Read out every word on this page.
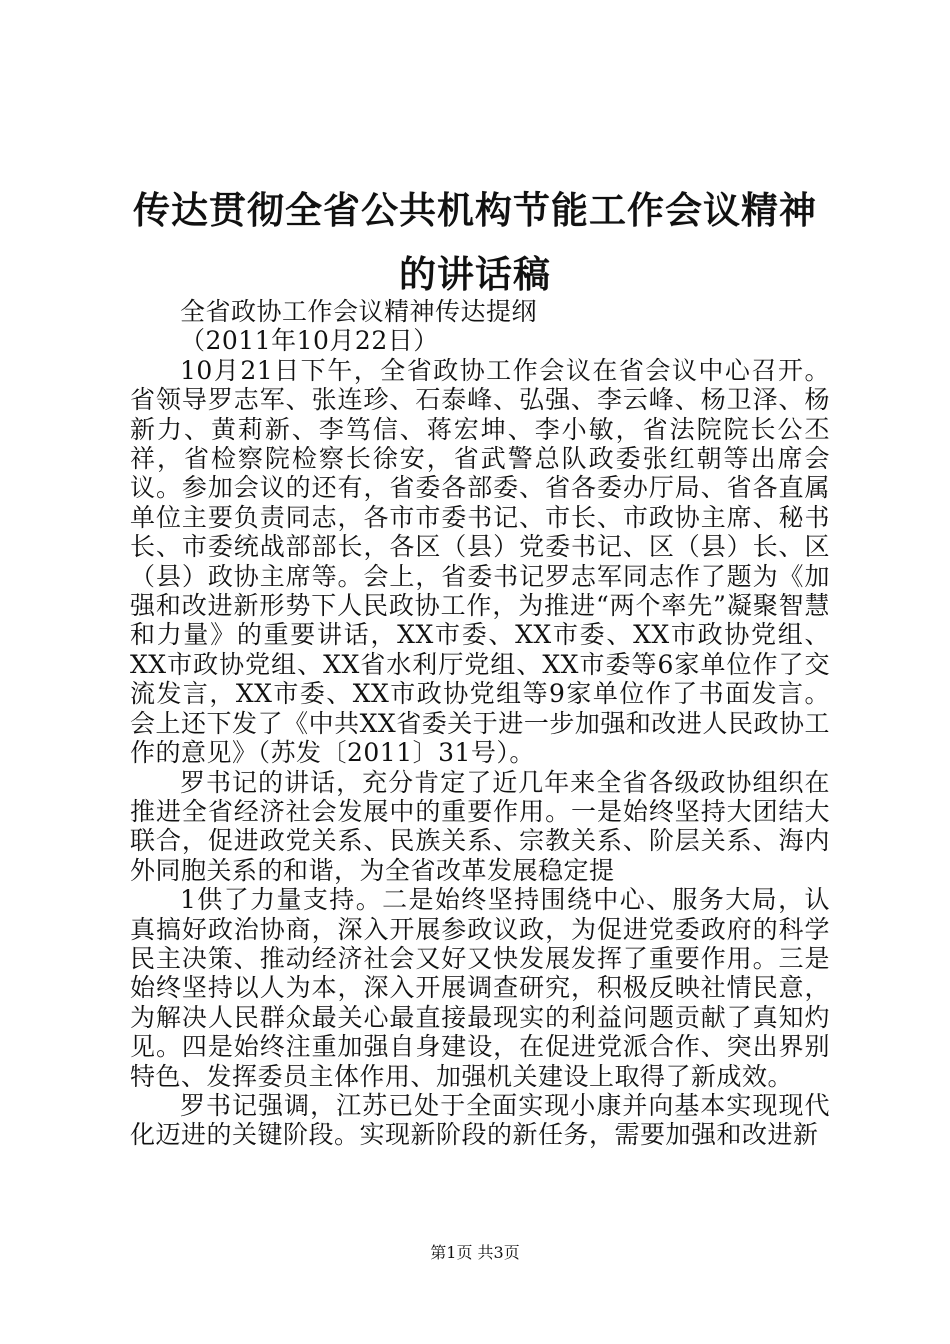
传达贯彻全省公共机构节能工作会议精神的讲话稿

全省政协工作会议精神传达提纲

（2011年10月22日）

10月21日下午，全省政协工作会议在省会议中心召开。省领导罗志军、张连珍、石泰峰、弘强、李云峰、杨卫泽、杨新力、黄莉新、李笃信、蒋宏坤、李小敏，省法院院长公丕祥，省检察院检察长徐安，省武警总队政委张红朝等出席会议。参加会议的还有，省委各部委、省各委办厅局、省各直属单位主要负责同志，各市市委书记、市长、市政协主席、秘书长、市委统战部部长，各区（县）党委书记、区（县）长、区（县）政协主席等。会上，省委书记罗志军同志作了题为《加强和改进新形势下人民政协工作，为推进“两个率先”凝聚智慧和力量》的重要讲话，XX市委、XX市委、XX市政协党组、XX市政协党组、XX省水利厅党组、XX市委等6家单位作了交流发言，XX市委、XX市政协党组等9家单位作了书面发言。会上还下发了《中共XX省委关于进一步加强和改进人民政协工作的意见》（苏发〔2011〕31号）。

罗书记的讲话，充分肯定了近几年来全省各级政协组织在推进全省经济社会发展中的重要作用。一是始终坚持大团结大联合，促进政党关系、民族关系、宗教关系、阶层关系、海内外同胞关系的和谐，为全省改革发展稳定提

1供了力量支持。二是始终坚持围绕中心、服务大局，认真搞好政治协商，深入开展参政议政，为促进党委政府的科学民主决策、推动经济社会又好又快发展发挥了重要作用。三是始终坚持以人为本，深入开展调查研究，积极反映社情民意，为解决人民群众最关心最直接最现实的利益问题贡献了真知灼见。四是始终注重加强自身建设，在促进党派合作、突出界别特色、发挥委员主体作用、加强机关建设上取得了新成效。

罗书记强调，江苏已处于全面实现小康并向基本实现现代化迈进的关键阶段。实现新阶段的新任务，需要加强和改进新

第1页 共3页
